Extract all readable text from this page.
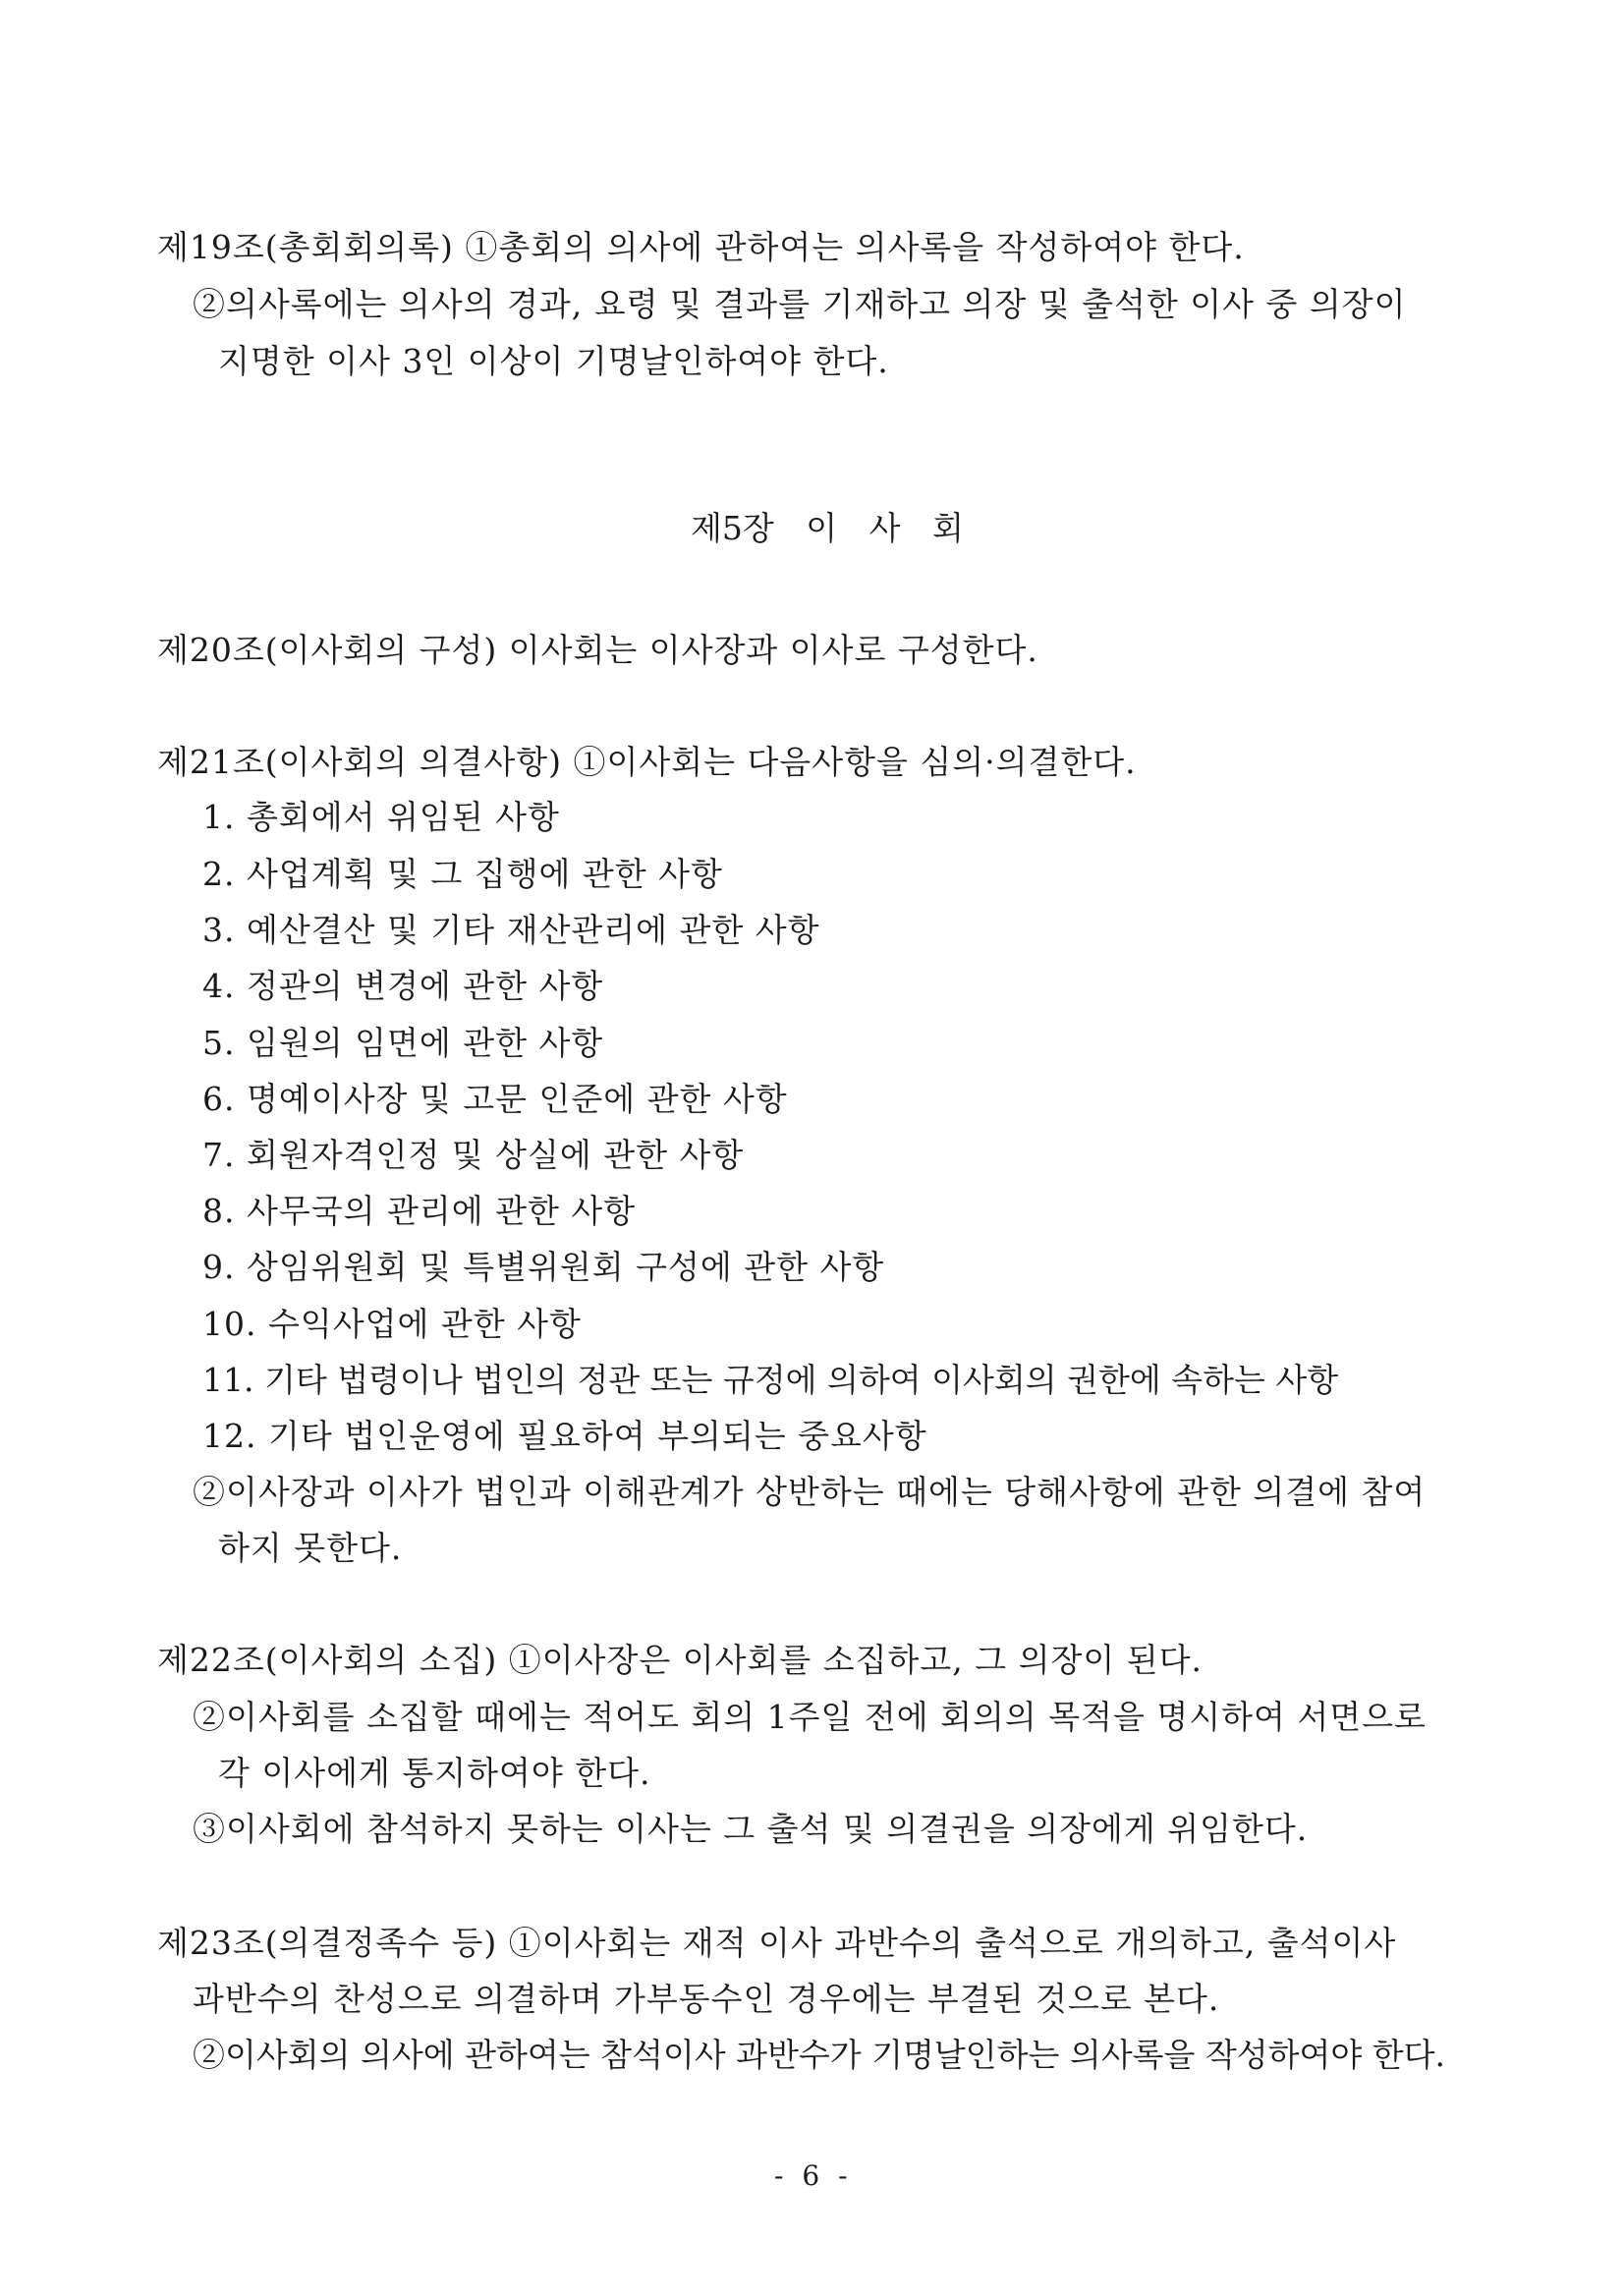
제19조(총회회의록) ①총회의 의사에 관하여는 의사록을 작성하여야 한다.
②의사록에는 의사의 경과, 요령 및 결과를 기재하고 의장 및 출석한 이사 중 의장이
지명한 이사 3인 이상이 기명날인하여야 한다.
제5장 이 사 회
제20조(이사회의 구성) 이사회는 이사장과 이사로 구성한다.
제21조(이사회의 의결사항) ①이사회는 다음사항을 심의·의결한다.
1. 총회에서 위임된 사항
2. 사업계획 및 그 집행에 관한 사항
3. 예산결산 및 기타 재산관리에 관한 사항
4. 정관의 변경에 관한 사항
5. 임원의 임면에 관한 사항
6. 명예이사장 및 고문 인준에 관한 사항
7. 회원자격인정 및 상실에 관한 사항
8. 사무국의 관리에 관한 사항
9. 상임위원회 및 특별위원회 구성에 관한 사항
10. 수익사업에 관한 사항
11. 기타 법령이나 법인의 정관 또는 규정에 의하여 이사회의 권한에 속하는 사항
12. 기타 법인운영에 필요하여 부의되는 중요사항
②이사장과 이사가 법인과 이해관계가 상반하는 때에는 당해사항에 관한 의결에 참여
하지 못한다.
제22조(이사회의 소집) ①이사장은 이사회를 소집하고, 그 의장이 된다.
②이사회를 소집할 때에는 적어도 회의 1주일 전에 회의의 목적을 명시하여 서면으로
각 이사에게 통지하여야 한다.
③이사회에 참석하지 못하는 이사는 그 출석 및 의결권을 의장에게 위임한다.
제23조(의결정족수 등) ①이사회는 재적 이사 과반수의 출석으로 개의하고, 출석이사
과반수의 찬성으로 의결하며 가부동수인 경우에는 부결된 것으로 본다.
②이사회의 의사에 관하여는 참석이사 과반수가 기명날인하는 의사록을 작성하여야 한다.
- 6 -
